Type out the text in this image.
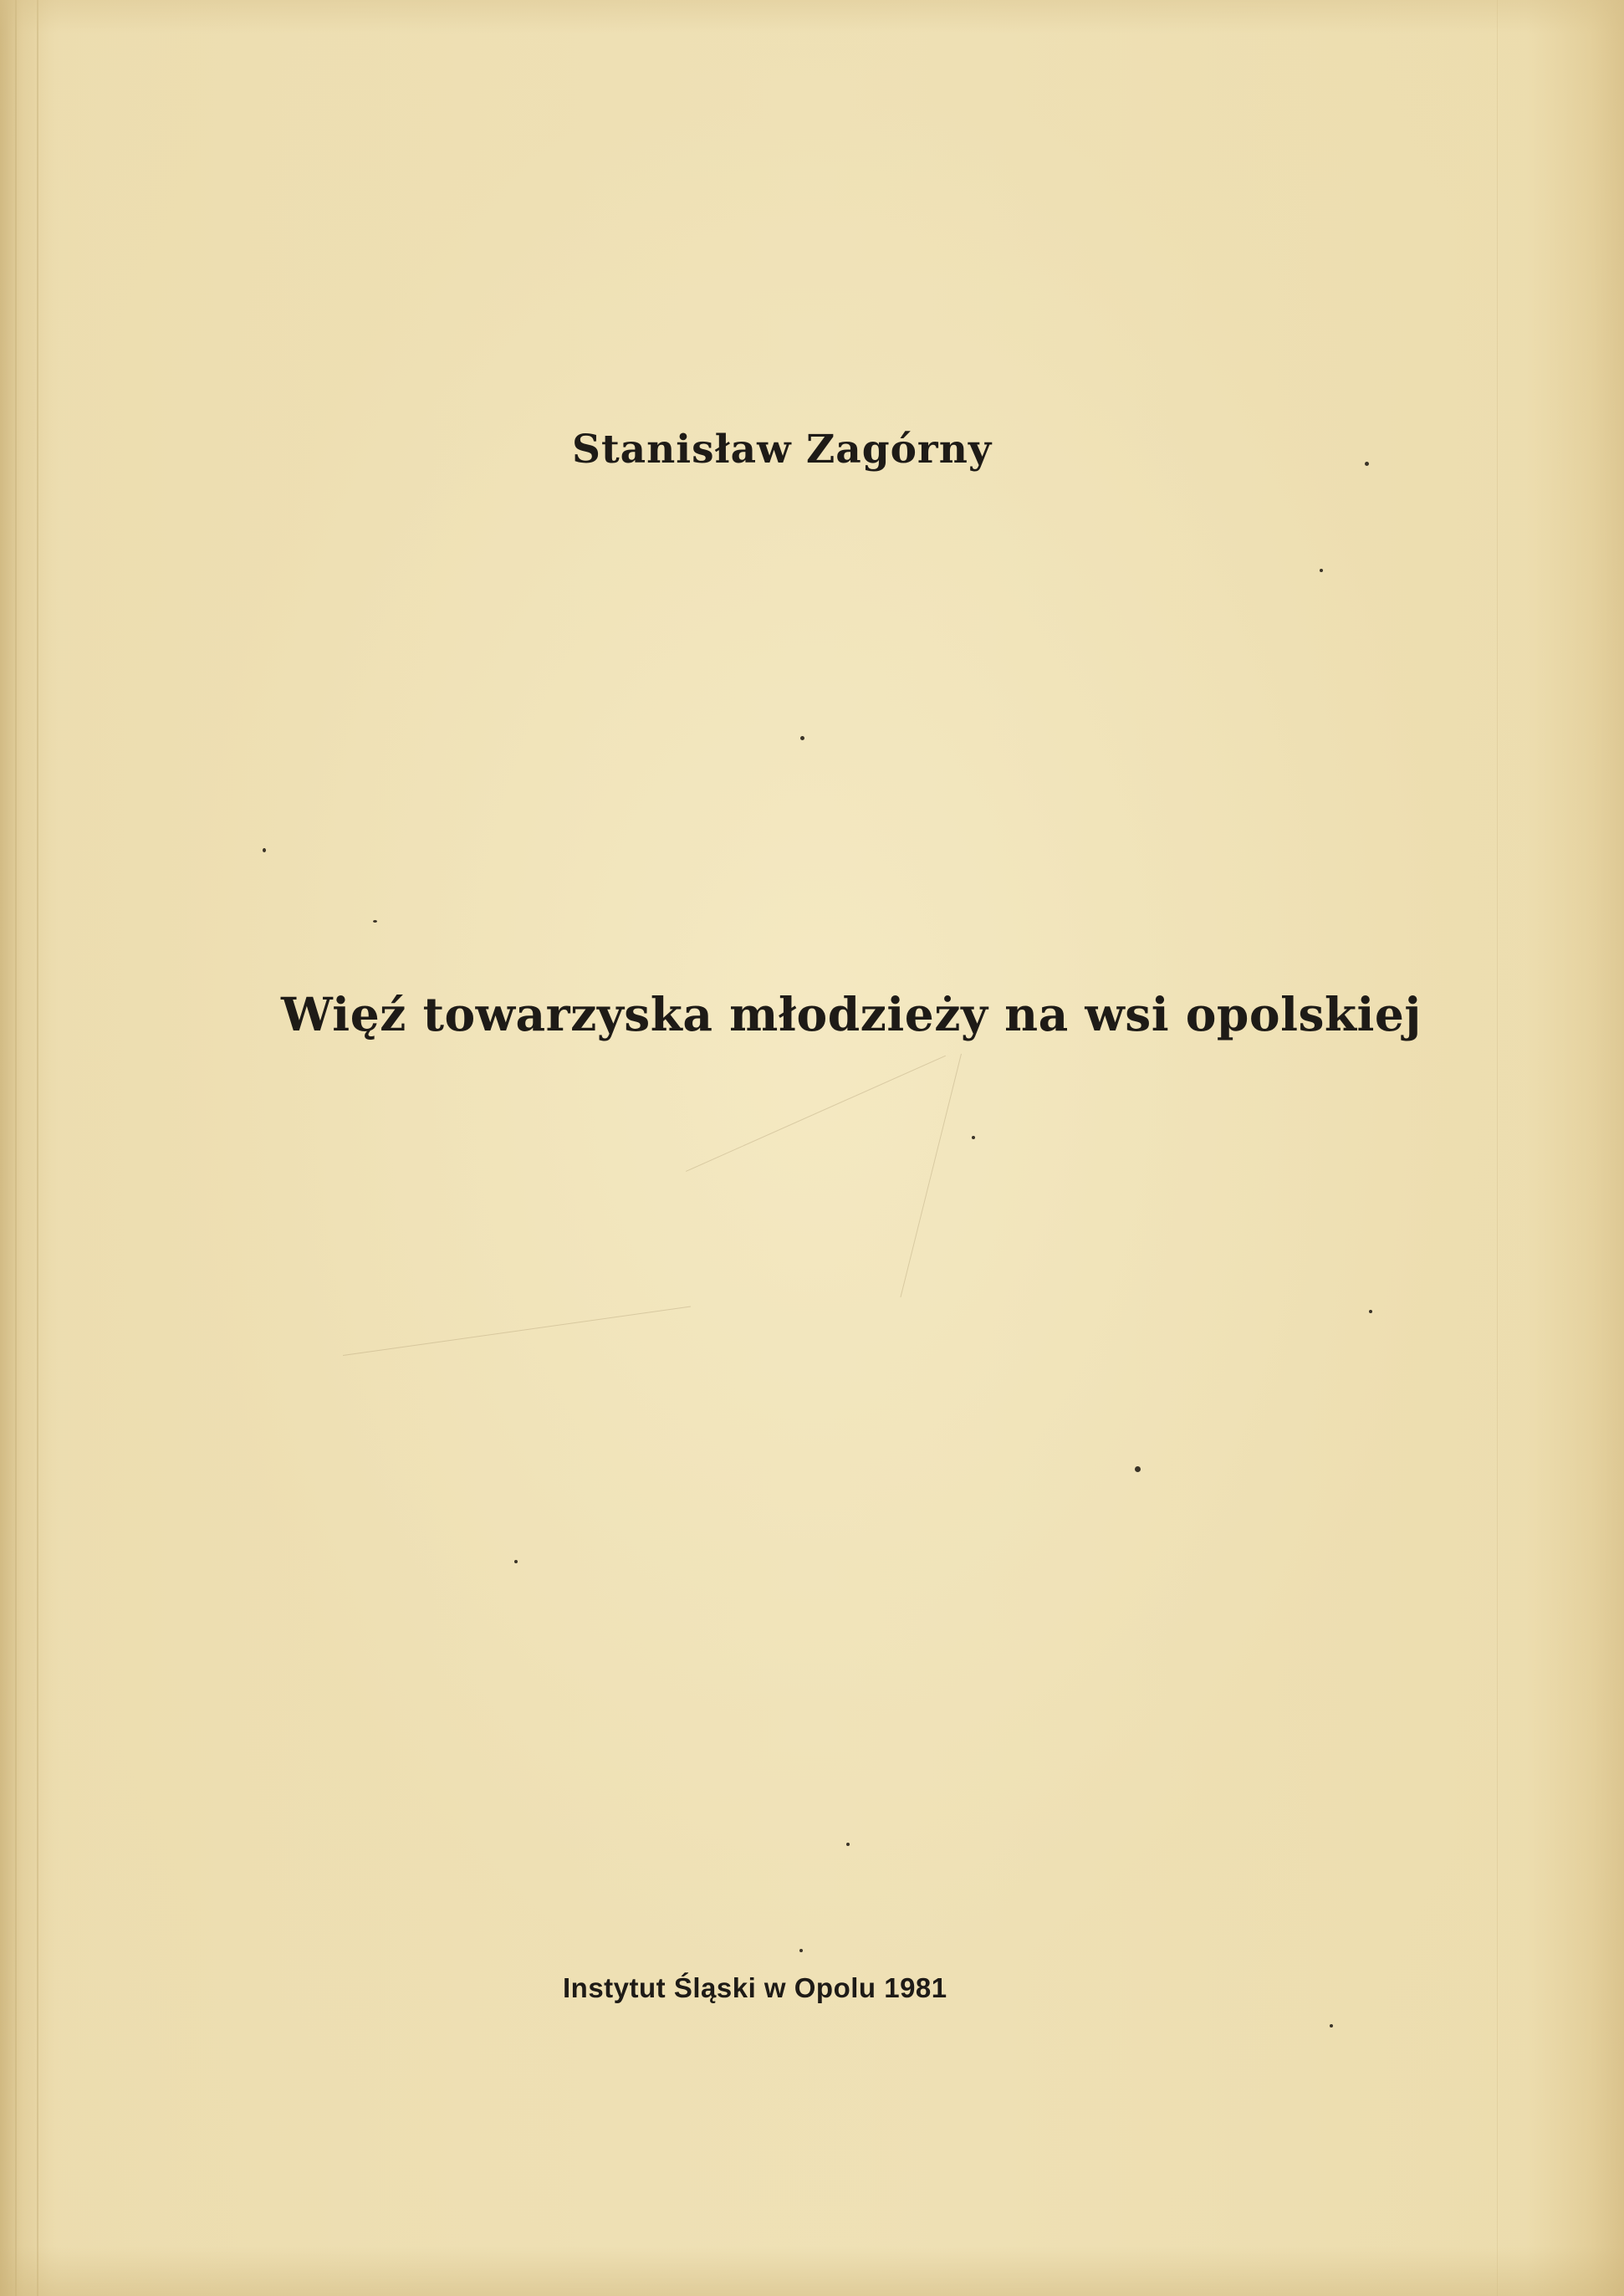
Stanisław Zagórny
Więź towarzyska młodzieży na wsi opolskiej
Instytut Śląski w Opolu 1981
